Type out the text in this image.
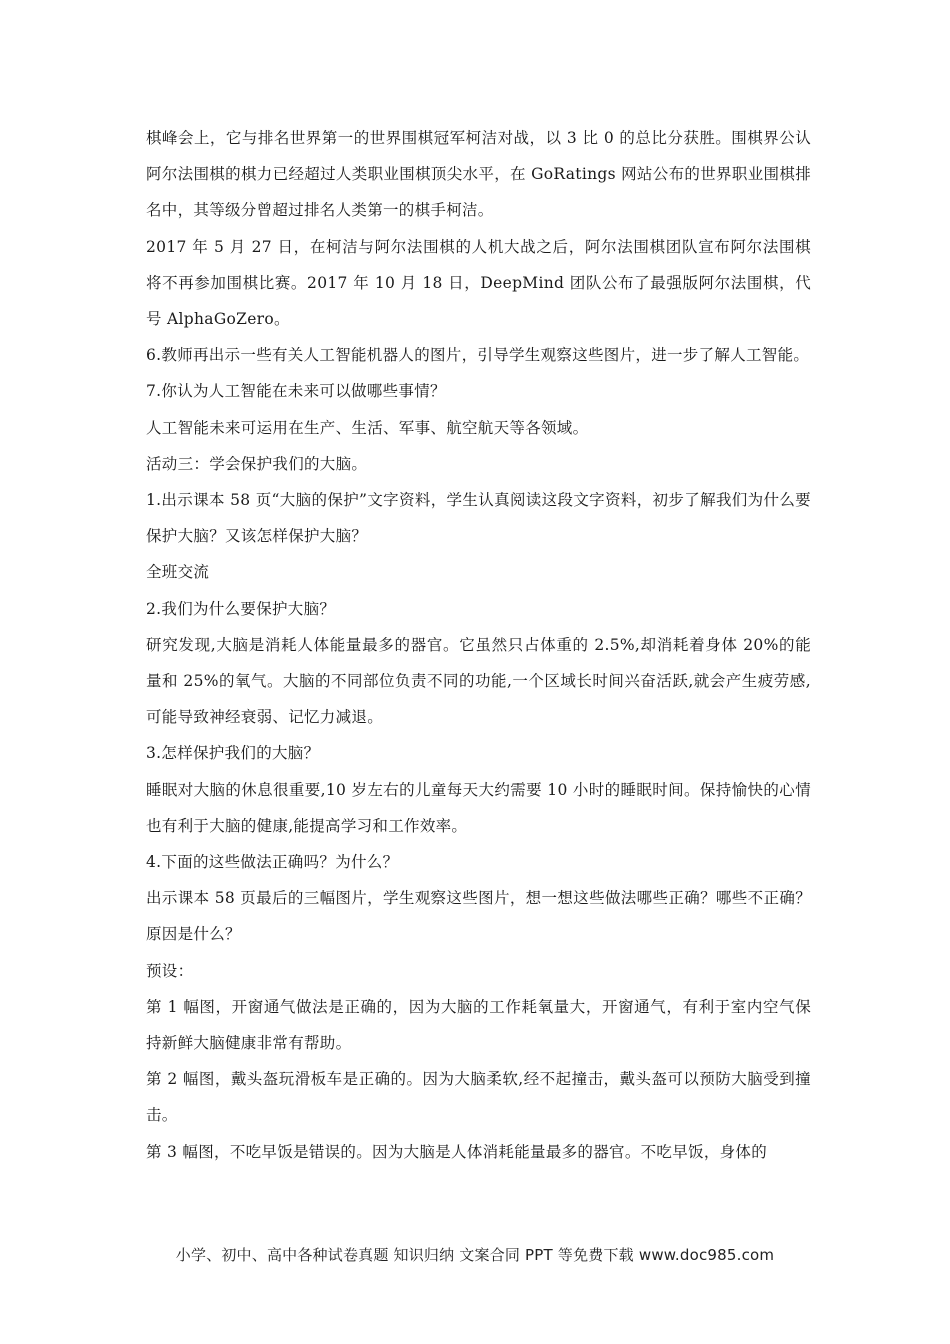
棋峰会上，它与排名世界第一的世界围棋冠军柯洁对战，以 3 比 0 的总比分获胜。围棋界公认阿尔法围棋的棋力已经超过人类职业围棋顶尖水平，在 GoRatings 网站公布的世界职业围棋排名中，其等级分曾超过排名人类第一的棋手柯洁。

2017 年 5 月 27 日，在柯洁与阿尔法围棋的人机大战之后，阿尔法围棋团队宣布阿尔法围棋将不再参加围棋比赛。2017 年 10 月 18 日，DeepMind 团队公布了最强版阿尔法围棋，代号 AlphaGoZero。

6.教师再出示一些有关人工智能机器人的图片，引导学生观察这些图片，进一步了解人工智能。

7.你认为人工智能在未来可以做哪些事情？

人工智能未来可运用在生产、生活、军事、航空航天等各领域。

活动三：学会保护我们的大脑。

1.出示课本 58 页“大脑的保护”文字资料，学生认真阅读这段文字资料，初步了解我们为什么要保护大脑？又该怎样保护大脑？

全班交流

2.我们为什么要保护大脑？

研究发现,大脑是消耗人体能量最多的器官。它虽然只占体重的 2.5%,却消耗着身体 20%的能量和 25%的氧气。大脑的不同部位负责不同的功能,一个区域长时间兴奋活跃,就会产生疲劳感,可能导致神经衰弱、记忆力减退。

3.怎样保护我们的大脑？

睡眠对大脑的休息很重要,10 岁左右的儿童每天大约需要 10 小时的睡眠时间。保持愉快的心情也有利于大脑的健康,能提高学习和工作效率。

4.下面的这些做法正确吗？为什么？

出示课本 58 页最后的三幅图片，学生观察这些图片，想一想这些做法哪些正确？哪些不正确？原因是什么？

预设：

第 1 幅图，开窗通气做法是正确的，因为大脑的工作耗氧量大，开窗通气，有利于室内空气保持新鲜大脑健康非常有帮助。

第 2 幅图，戴头盔玩滑板车是正确的。因为大脑柔软,经不起撞击，戴头盔可以预防大脑受到撞击。

第 3 幅图，不吃早饭是错误的。因为大脑是人体消耗能量最多的器官。不吃早饭，身体的

小学、初中、高中各种试卷真题 知识归纳 文案合同 PPT 等免费下载 www.doc985.com
